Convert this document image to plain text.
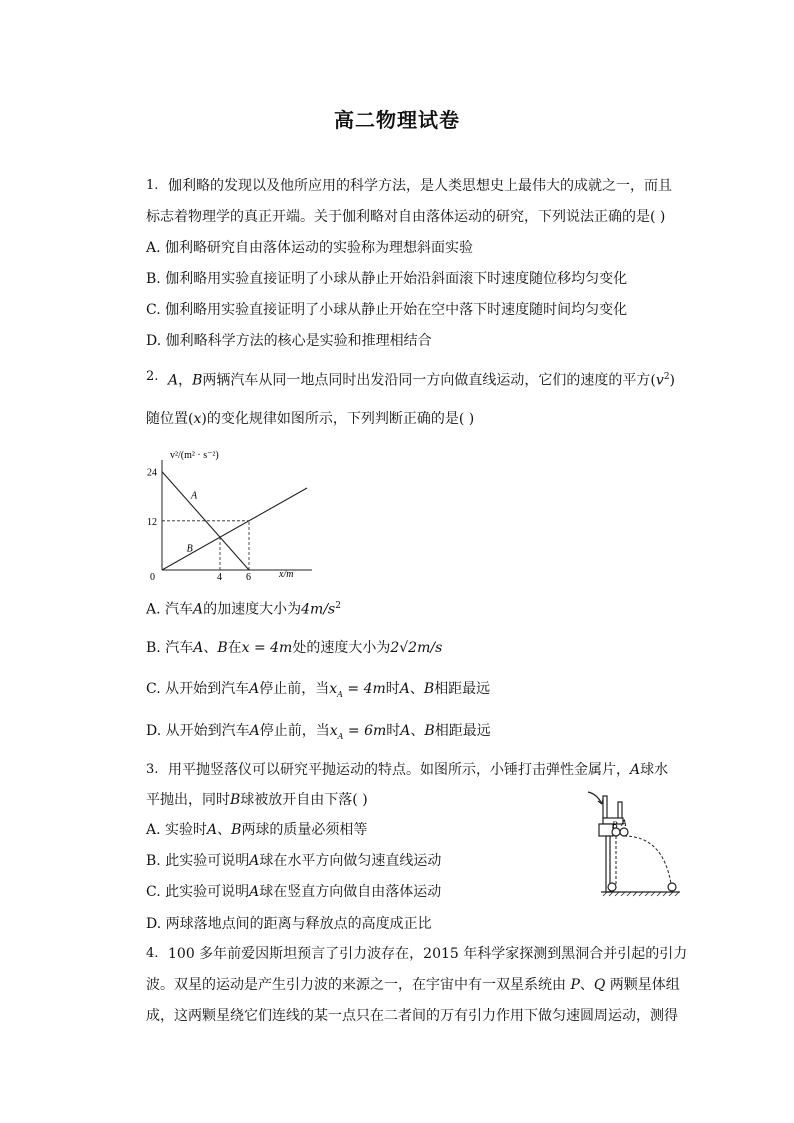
高二物理试卷
1. 伽利略的发现以及他所应用的科学方法，是人类思想史上最伟大的成就之一，而且
标志着物理学的真正开端。关于伽利略对自由落体运动的研究，下列说法正确的是( )
A. 伽利略研究自由落体运动的实验称为理想斜面实验
B. 伽利略用实验直接证明了小球从静止开始沿斜面滚下时速度随位移均匀变化
C. 伽利略用实验直接证明了小球从静止开始在空中落下时速度随时间均匀变化
D. 伽利略科学方法的核心是实验和推理相结合
2. A，B两辆汽车从同一地点同时出发沿同一方向做直线运动，它们的速度的平方$(v^2)$
随位置(x)的变化规律如图所示，下列判断正确的是( )
v²/(m² · s⁻²)
x/m
A
B
0	4 6
24
12
A. 汽车A的加速度大小为$4m/s^2$
B. 汽车A、B在x = 4m处的速度大小为2√2m/s
C. 从开始到汽车A停止前，当$x_A = 4m$时A、B相距最远
D. 从开始到汽车A停止前，当$x_A = 6m$时A、B相距最远
3. 用平抛竖落仪可以研究平抛运动的特点。如图所示，小锤打击弹性金属片，A球水
平抛出，同时B球被放开自由下落( )
A. 实验时A、B两球的质量必须相等
B. 此实验可说明A球在水平方向做匀速直线运动
C. 此实验可说明A球在竖直方向做自由落体运动
D. 两球落地点间的距离与释放点的高度成正比
B A
4. 100 多年前爱因斯坦预言了引力波存在，2015 年科学家探测到黑洞合并引起的引力
波。双星的运动是产生引力波的来源之一，在宇宙中有一双星系统由 P、Q 两颗星体组
成，这两颗星绕它们连线的某一点只在二者间的万有引力作用下做匀速圆周运动，测得
